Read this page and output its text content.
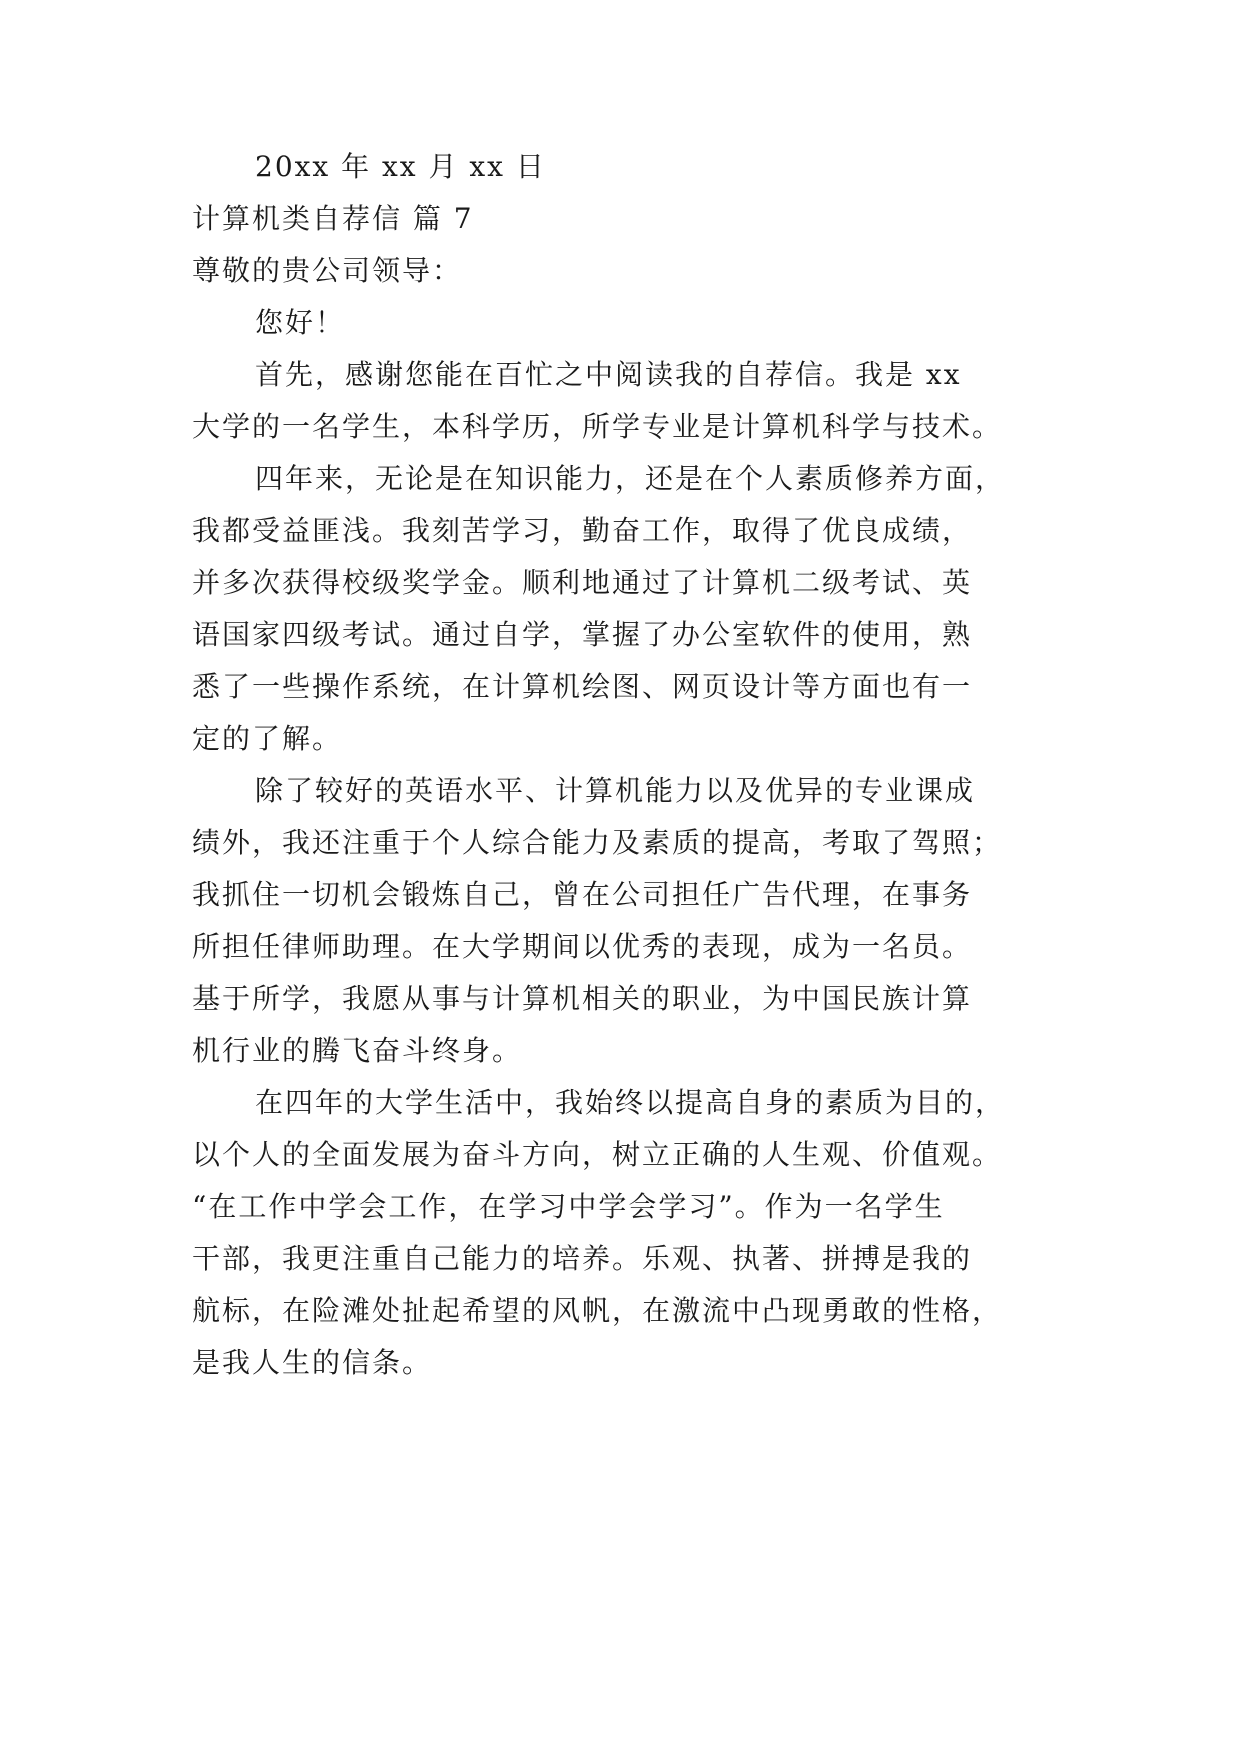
20xx 年 xx 月 xx 日
计算机类自荐信 篇 7
尊敬的贵公司领导：
您好！
首先，感谢您能在百忙之中阅读我的自荐信。我是 xx
大学的一名学生，本科学历，所学专业是计算机科学与技术。
四年来，无论是在知识能力，还是在个人素质修养方面，
我都受益匪浅。我刻苦学习，勤奋工作，取得了优良成绩，
并多次获得校级奖学金。顺利地通过了计算机二级考试、英
语国家四级考试。通过自学，掌握了办公室软件的使用，熟
悉了一些操作系统，在计算机绘图、网页设计等方面也有一
定的了解。
除了较好的英语水平、计算机能力以及优异的专业课成
绩外，我还注重于个人综合能力及素质的提高，考取了驾照；
我抓住一切机会锻炼自己，曾在公司担任广告代理，在事务
所担任律师助理。在大学期间以优秀的表现，成为一名员。
基于所学，我愿从事与计算机相关的职业，为中国民族计算
机行业的腾飞奋斗终身。
在四年的大学生活中，我始终以提高自身的素质为目的，
以个人的全面发展为奋斗方向，树立正确的人生观、价值观。
“在工作中学会工作，在学习中学会学习”。作为一名学生
干部，我更注重自己能力的培养。乐观、执著、拼搏是我的
航标，在险滩处扯起希望的风帆，在激流中凸现勇敢的性格，
是我人生的信条。
